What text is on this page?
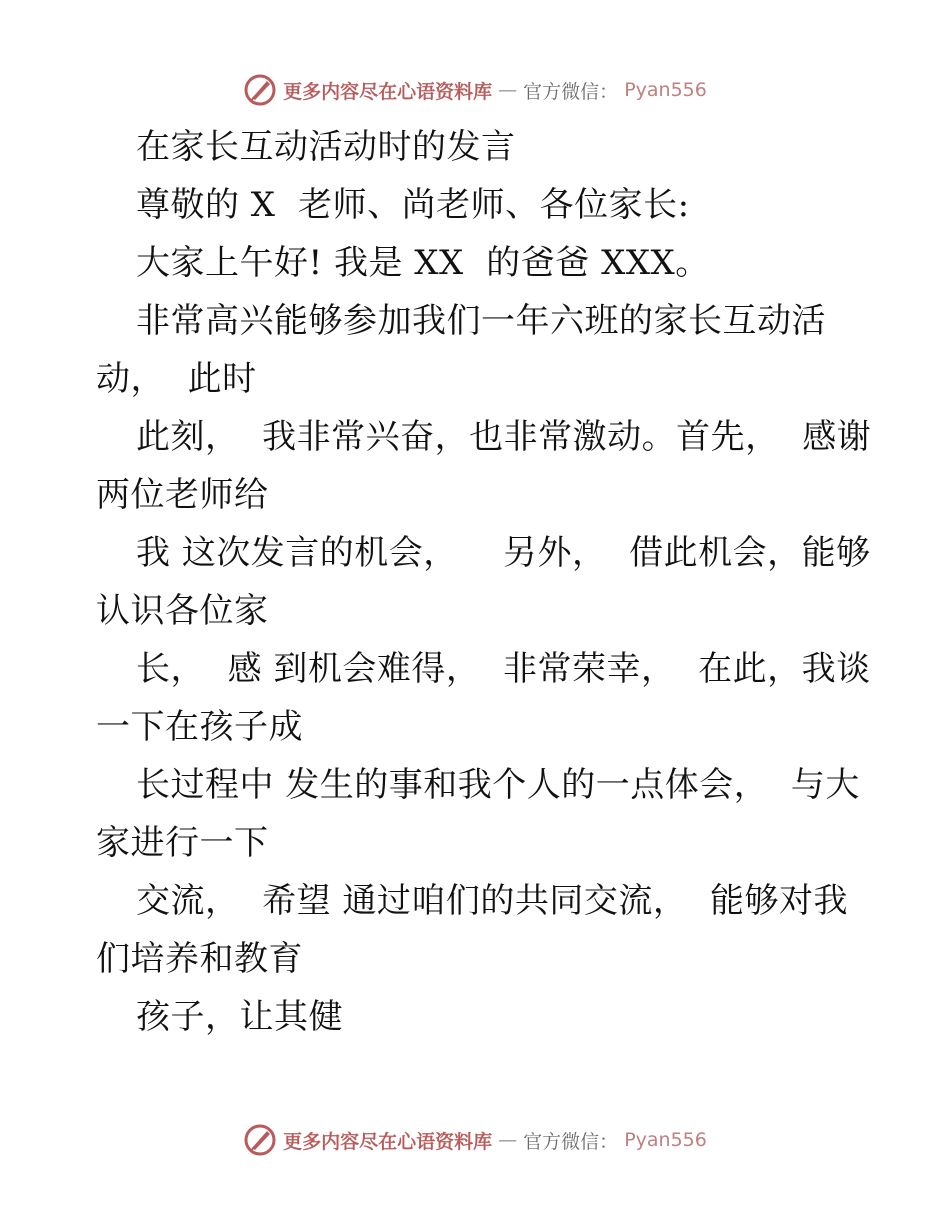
更多内容尽在心语资料库 — 官方微信： Pyan556
在家长互动活动时的发言
尊敬的 X  老师、尚老师、各位家长:
大家上午好! 我是 XX  的爸爸 XXX。
非常高兴能够参加我们一年六班的家长互动活
动，  此时
此刻，  我非常兴奋，也非常激动。首先，  感谢
两位老师给
我 这次发言的机会，    另外，  借此机会，能够
认识各位家
长，  感 到机会难得，  非常荣幸，  在此，我谈
一下在孩子成
长过程中 发生的事和我个人的一点体会，  与大
家进行一下
交流，  希望 通过咱们的共同交流，  能够对我
们培养和教育
孩子，让其健
更多内容尽在心语资料库 — 官方微信： Pyan556
